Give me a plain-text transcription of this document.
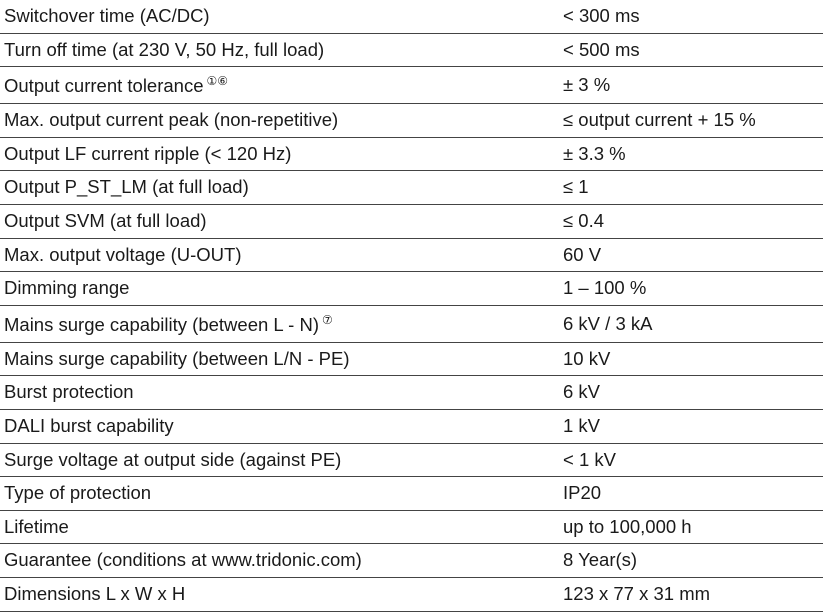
Switchover time (AC/DC)	< 300 ms
Turn off time (at 230 V, 50 Hz, full load)	< 500 ms
Output current tolerance ①⑥	± 3 %
Max. output current peak (non-repetitive)	≤ output current + 15 %
Output LF current ripple (< 120 Hz)	± 3.3 %
Output P_ST_LM (at full load)	≤ 1
Output SVM (at full load)	≤ 0.4
Max. output voltage (U-OUT)	60 V
Dimming range	1 – 100 %
Mains surge capability (between L - N) ⑦	6 kV / 3 kA
Mains surge capability (between L/N - PE)	10 kV
Burst protection	6 kV
DALI burst capability	1 kV
Surge voltage at output side (against PE)	< 1 kV
Type of protection	IP20
Lifetime	up to 100,000 h
Guarantee (conditions at www.tridonic.com)	8 Year(s)
Dimensions L x W x H	123 x 77 x 31 mm
